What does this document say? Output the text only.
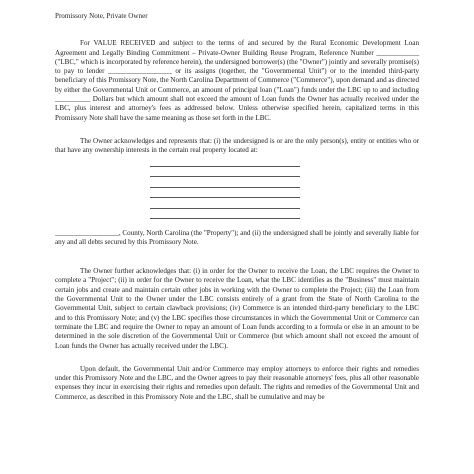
Promissory Note, Private Owner

For VALUE RECEIVED and subject to the terms of and secured by the Rural Economic Development Loan Agreement and Legally Binding Commitment – Private-Owner Building Reuse Program, Reference Number ____________ ("LBC," which is incorporated by reference herein), the undersigned borrower(s) (the "Owner") jointly and severally promise(s) to pay to lender __________________ or its assigns (together, the "Governmental Unit") or to the intended third-party beneficiary of this Promissory Note, the North Carolina Department of Commerce ("Commerce"), upon demand and as directed by either the Governmental Unit or Commerce, an amount of principal loan ("Loan") funds under the LBC up to and including __________ Dollars but which amount shall not exceed the amount of Loan funds the Owner has actually received under the LBC, plus interest and attorney's fees as addressed below. Unless otherwise specified herein, capitalized terms in this Promissory Note shall have the same meaning as those set forth in the LBC.

The Owner acknowledges and represents that: (i) the undersigned is or are the only person(s), entity or entities who or that have any ownership interests in the certain real property located at:

__________________, County, North Carolina (the "Property"); and (ii) the undersigned shall be jointly and severally liable for any and all debts secured by this Promissory Note.

The Owner further acknowledges that: (i) in order for the Owner to receive the Loan, the LBC requires the Owner to complete a "Project"; (ii) in order for the Owner to receive the Loan, what the LBC identifies as the "Business" must maintain certain jobs and create and maintain certain other jobs in working with the Owner to complete the Project; (iii) the Loan from the Governmental Unit to the Owner under the LBC consists entirely of a grant from the State of North Carolina to the Governmental Unit, subject to certain clawback provisions; (iv) Commerce is an intended third-party beneficiary to the LBC and to this Promissory Note; and (v) the LBC specifies those circumstances in which the Governmental Unit or Commerce can terminate the LBC and require the Owner to repay an amount of Loan funds according to a formula or else in an amount to be determined in the sole discretion of the Governmental Unit or Commerce (but which amount shall not exceed the amount of Loan funds the Owner has actually received under the LBC).

Upon default, the Governmental Unit and/or Commerce may employ attorneys to enforce their rights and remedies under this Promissory Note and the LBC, and the Owner agrees to pay their reasonable attorneys' fees, plus all other reasonable expenses they incur in exercising their rights and remedies upon default. The rights and remedies of the Governmental Unit and Commerce, as described in this Promissory Note and the LBC, shall be cumulative and may be
